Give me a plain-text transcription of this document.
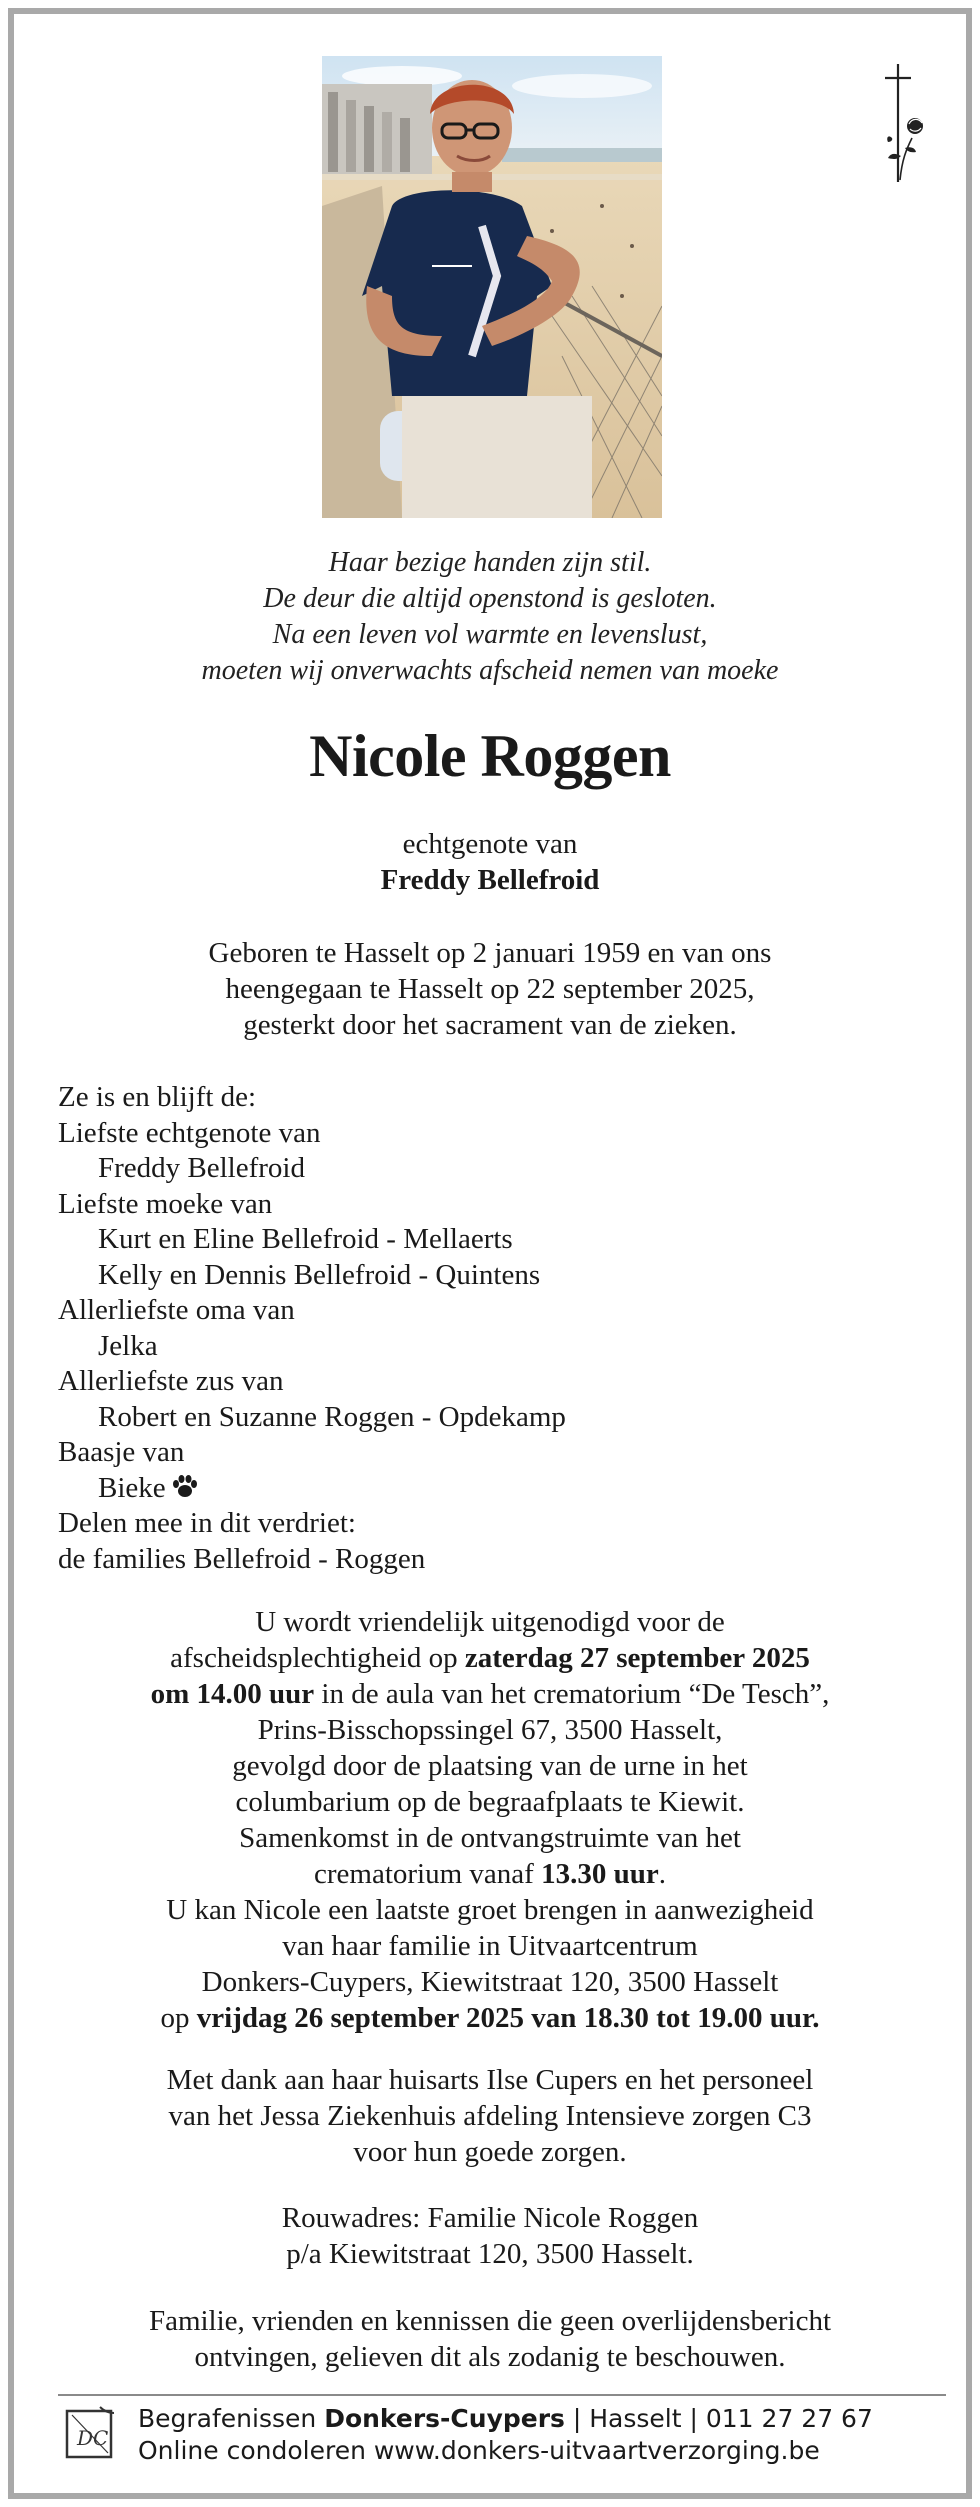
Haar bezige handen zijn stil.
De deur die altijd openstond is gesloten.
Na een leven vol warmte en levenslust,
moeten wij onverwachts afscheid nemen van moeke
Nicole Roggen
echtgenote van
Freddy Bellefroid
Geboren te Hasselt op 2 januari 1959 en van ons
heengegaan te Hasselt op 22 september 2025,
gesterkt door het sacrament van de zieken.
Ze is en blijft de:
Liefste echtgenote van
Freddy Bellefroid
Liefste moeke van
Kurt en Eline Bellefroid - Mellaerts
Kelly en Dennis Bellefroid - Quintens
Allerliefste oma van
Jelka
Allerliefste zus van
Robert en Suzanne Roggen - Opdekamp
Baasje van
Bieke
Delen mee in dit verdriet:
de families Bellefroid - Roggen
U wordt vriendelijk uitgenodigd voor de
afscheidsplechtigheid op zaterdag 27 september 2025
om 14.00 uur in de aula van het crematorium “De Tesch”,
Prins-Bisschopssingel 67, 3500 Hasselt,
gevolgd door de plaatsing van de urne in het
columbarium op de begraafplaats te Kiewit.
Samenkomst in de ontvangstruimte van het
crematorium vanaf 13.30 uur.
U kan Nicole een laatste groet brengen in aanwezigheid
van haar familie in Uitvaartcentrum
Donkers-Cuypers, Kiewitstraat 120, 3500 Hasselt
op vrijdag 26 september 2025 van 18.30 tot 19.00 uur.
Met dank aan haar huisarts Ilse Cupers en het personeel
van het Jessa Ziekenhuis afdeling Intensieve zorgen C3
voor hun goede zorgen.
Rouwadres: Familie Nicole Roggen
p/a Kiewitstraat 120, 3500 Hasselt.
Familie, vrienden en kennissen die geen overlijdensbericht
ontvingen, gelieven dit als zodanig te beschouwen.
DC
Begrafenissen Donkers-Cuypers | Hasselt | 011 27 27 67
Online condoleren www.donkers-uitvaartverzorging.be
